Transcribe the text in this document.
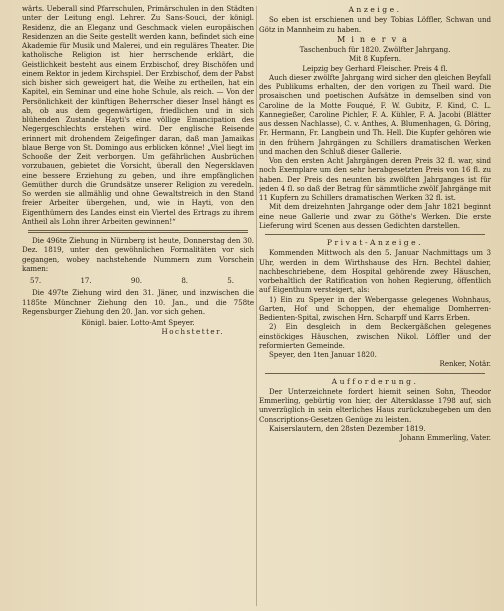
wärts. Ueberall sind Pfarrschulen, Primärschulen in den Städten unter der Leitung engl. Lehrer. Zu Sans-Souci, der königl. Residenz, die an Eleganz und Geschmack vielen europäischen Residenzen an die Seite gestellt werden kann, befindet sich eine Akademie für Musik und Malerei, und ein reguläres Theater. Die katholische Religion ist hier herrschende erklärt, die Geistlichkeit besteht aus einem Erzbischof, drey Bischöfen und einem Rektor in jedem Kirchspiel. Der Erzbischof, dem der Pabst sich bisher sich geweigert hat, die Weihe zu ertheilen, hat ein Kapitel, ein Seminar und eine hohe Schule, als reich. — Von der Persönlichkeit der künftigen Beherrscher dieser Insel hängt es ab, ob aus dem gegenwärtigen, friedlichen und in sich blühenden Zustande Hayti's eine völlige Emancipation des Negergeschlechts erstehen wird. Der englische Reisende erinnert mit drohendem Zeigefinger daran, daß man Jamaikas blaue Berge von St. Domingo aus erblicken könne! „Viel liegt im Schooße der Zeit verborgen. Um gefährlichen Ausbrüchen vorzubauen, gebietet die Vorsicht, überall den Negersklaven eine bessere Erziehung zu geben, und ihre empfänglichen Gemüther durch die Grundsätze unserer Religion zu veredeln. So werden sie allmählig und ohne Gewaltstreich in den Stand freier Arbeiter übergehen, und, wie in Hayti, von den Eigenthümern des Landes einst ein Viertel des Ertrags zu ihrem Antheil als Lohn ihrer Arbeiten gewinnen!“

Die 496te Ziehung in Nürnberg ist heute, Donnerstag den 30. Dez. 1819, unter den gewöhnlichen Formalitäten vor sich gegangen, wobey nachstehende Nummern zum Vorschein kamen:

57.	17.	90.	8.	5.

Die 497te Ziehung wird den 31. Jäner, und inzwischen die 1185te Münchner Ziehung den 10. Jan., und die 758te Regensburger Ziehung den 20. Jan. vor sich gehen.

Königl. baier. Lotto-Amt Speyer.

Hochstetter.

Anzeige.

So eben ist erschienen und bey Tobias Löffler, Schwan und Götz in Mannheim zu haben.

Minerva

Taschenbuch für 1820. Zwölfter Jahrgang.

Mit 8 Kupfern.

Leipzig bey Gerhard Fleischer. Preis 4 fl.

Auch dieser zwölfte Jahrgang wird sicher den gleichen Beyfall des Publikums erhalten, der den vorigen zu Theil ward. Die prosaischen und poetischen Aufsätze in demselben sind von Caroline de la Motte Fouqué, F. W. Gubitz, F. Kind, C. L. Kannegießer, Caroline Pichler, F. A. Kühler, F. A. Jacobi (Blätter aus dessen Nachlasse), C. v. Anthes, A. Blumenhagen, G. Döring, Fr. Hermann, Fr. Langbein und Th. Hell. Die Kupfer gehören wie in den frühern Jahrgängen zu Schillers dramatischen Werken und machen den Schluß dieser Gallerie.

Von den ersten Acht Jahrgängen deren Preis 32 fl. war, sind noch Exemplare um den sehr herabgesetzten Preis von 16 fl. zu haben. Der Preis des neunten bis zwölften Jahrganges ist für jeden 4 fl. so daß der Betrag für sämmtliche zwölf Jahrgänge mit 11 Kupfern zu Schillers dramatischen Werken 32 fl. ist.

Mit dem dreizehnten Jahrgange oder dem Jahr 1821 beginnt eine neue Gallerie und zwar zu Göthe's Werken. Die erste Lieferung wird Scenen aus dessen Gedichten darstellen.

Privat-Anzeige.

Kommenden Mittwoch als den 5. Januar Nachmittags um 3 Uhr, werden in dem Wirthshause des Hrn. Bechtel dahier, nachbeschriebene, dem Hospital gehörende zwey Häuschen, vorbehaltlich der Ratification von hohen Regierung, öffentlich auf Eigenthum versteigert, als:

1) Ein zu Speyer in der Webergasse gelegenes Wohnhaus, Garten, Hof und Schoppen, der ehemalige Domherren-Bedienten-Spital, zwischen Hrn. Scharpff und Karrs Erben.

2) Ein desgleich in dem Beckergäßchen gelegenes einstöckiges Häuschen, zwischen Nikol. Löffler und der reformierten Gemeinde.

Speyer, den 1ten Januar 1820.

Renker, Notär.

Aufforderung.

Der Unterzeichnete fordert hiemit seinen Sohn, Theodor Emmerling, gebürtig von hier, der Altersklasse 1798 auf, sich unverzüglich in sein elterliches Haus zurückzubegeben um den Conscriptions-Gesetzen Genüge zu leisten.

Kaiserslautern, den 28sten Dezember 1819.

Johann Emmerling, Vater.
